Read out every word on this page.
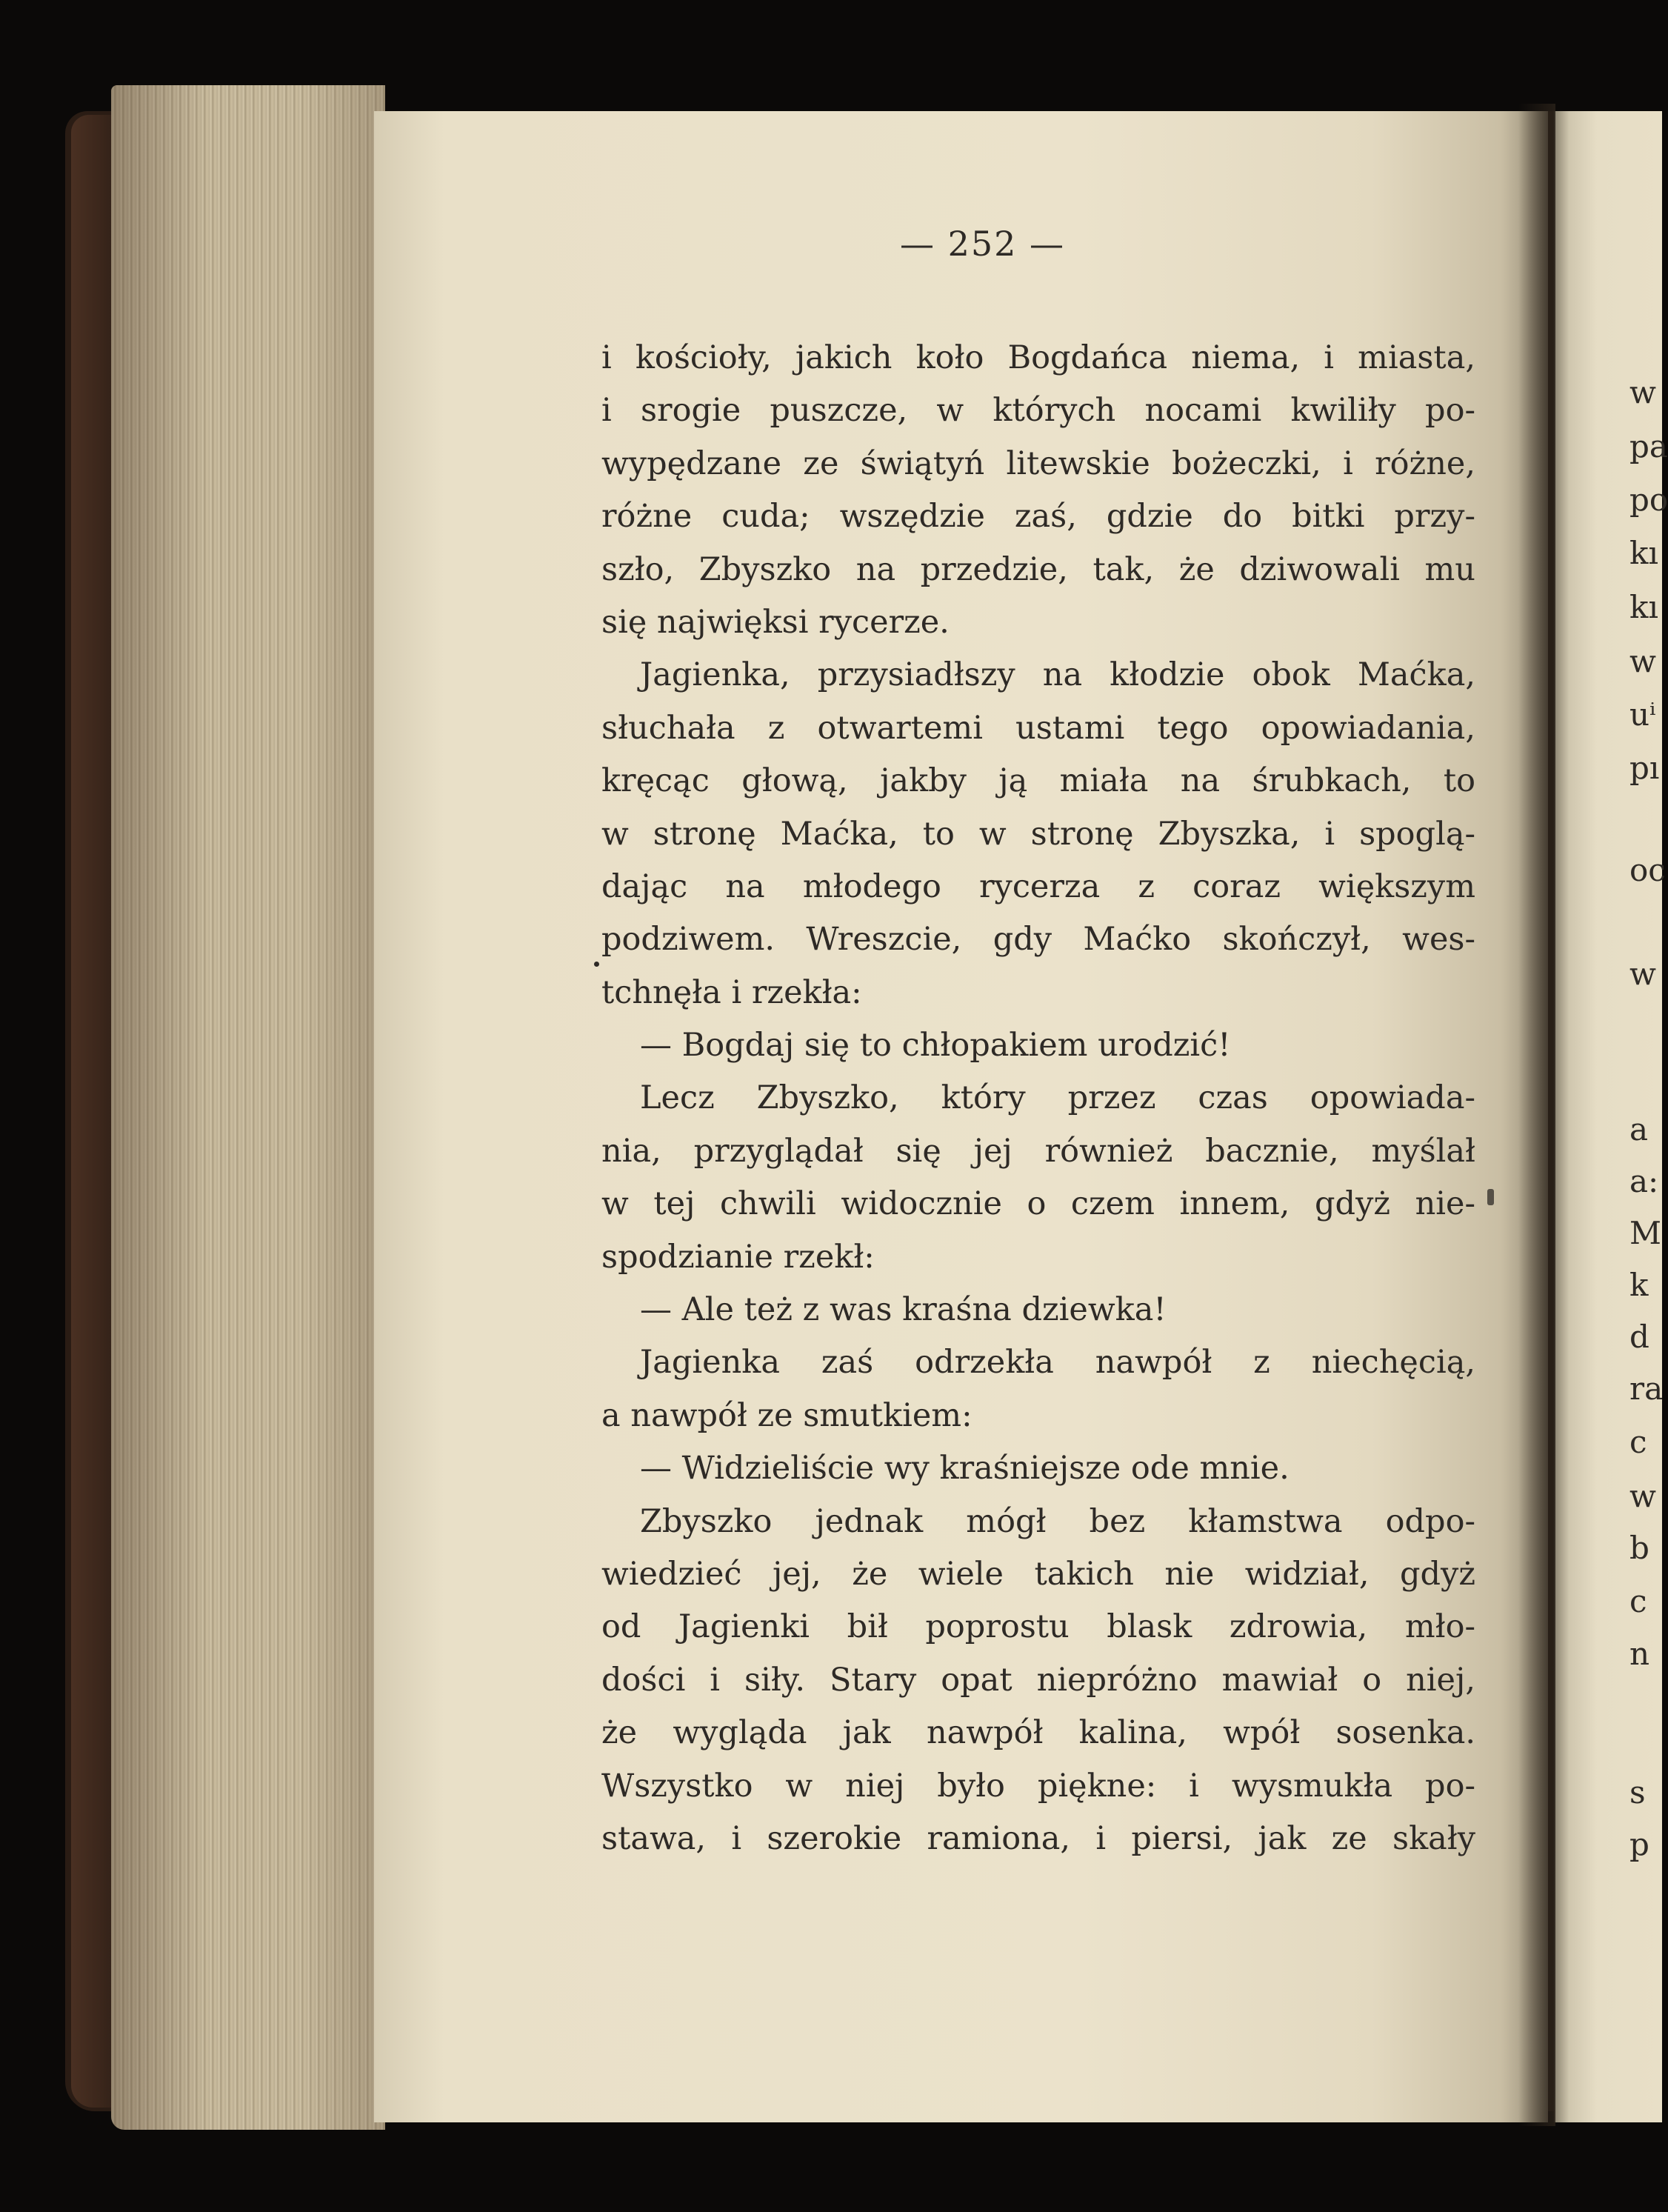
— 252 —
i kościoły, jakich koło Bogdańca niema, i miasta,
i srogie puszcze, w których nocami kwiliły po-
wypędzane ze świątyń litewskie bożeczki, i różne,
różne cuda; wszędzie zaś, gdzie do bitki przy-
szło, Zbyszko na przedzie, tak, że dziwowali mu
się najwięksi rycerze.
Jagienka, przysiadłszy na kłodzie obok Maćka,
słuchała z otwartemi ustami tego opowiadania,
kręcąc głową, jakby ją miała na śrubkach, to
w stronę Maćka, to w stronę Zbyszka, i spoglą-
dając na młodego rycerza z coraz większym
podziwem. Wreszcie, gdy Maćko skończył, wes-
tchnęła i rzekła:
— Bogdaj się to chłopakiem urodzić!
Lecz Zbyszko, który przez czas opowiada-
nia, przyglądał się jej również bacznie, myślał
w tej chwili widocznie o czem innem, gdyż nie-
spodzianie rzekł:
— Ale też z was kraśna dziewka!
Jagienka zaś odrzekła nawpół z niechęcią,
a nawpół ze smutkiem:
— Widzieliście wy kraśniejsze ode mnie.
Zbyszko jednak mógł bez kłamstwa odpo-
wiedzieć jej, że wiele takich nie widział, gdyż
od Jagienki bił poprostu blask zdrowia, mło-
dości i siły. Stary opat niepróżno mawiał o niej,
że wygląda jak nawpół kalina, wpół sosenka.
Wszystko w niej było piękne: i wysmukła po-
stawa, i szerokie ramiona, i piersi, jak ze skały
w
pa
po
kı
kı
w
uⁱ
pı
oc
w
a
a:
M
k
d
ra
c
w
b
c
n
s
p
